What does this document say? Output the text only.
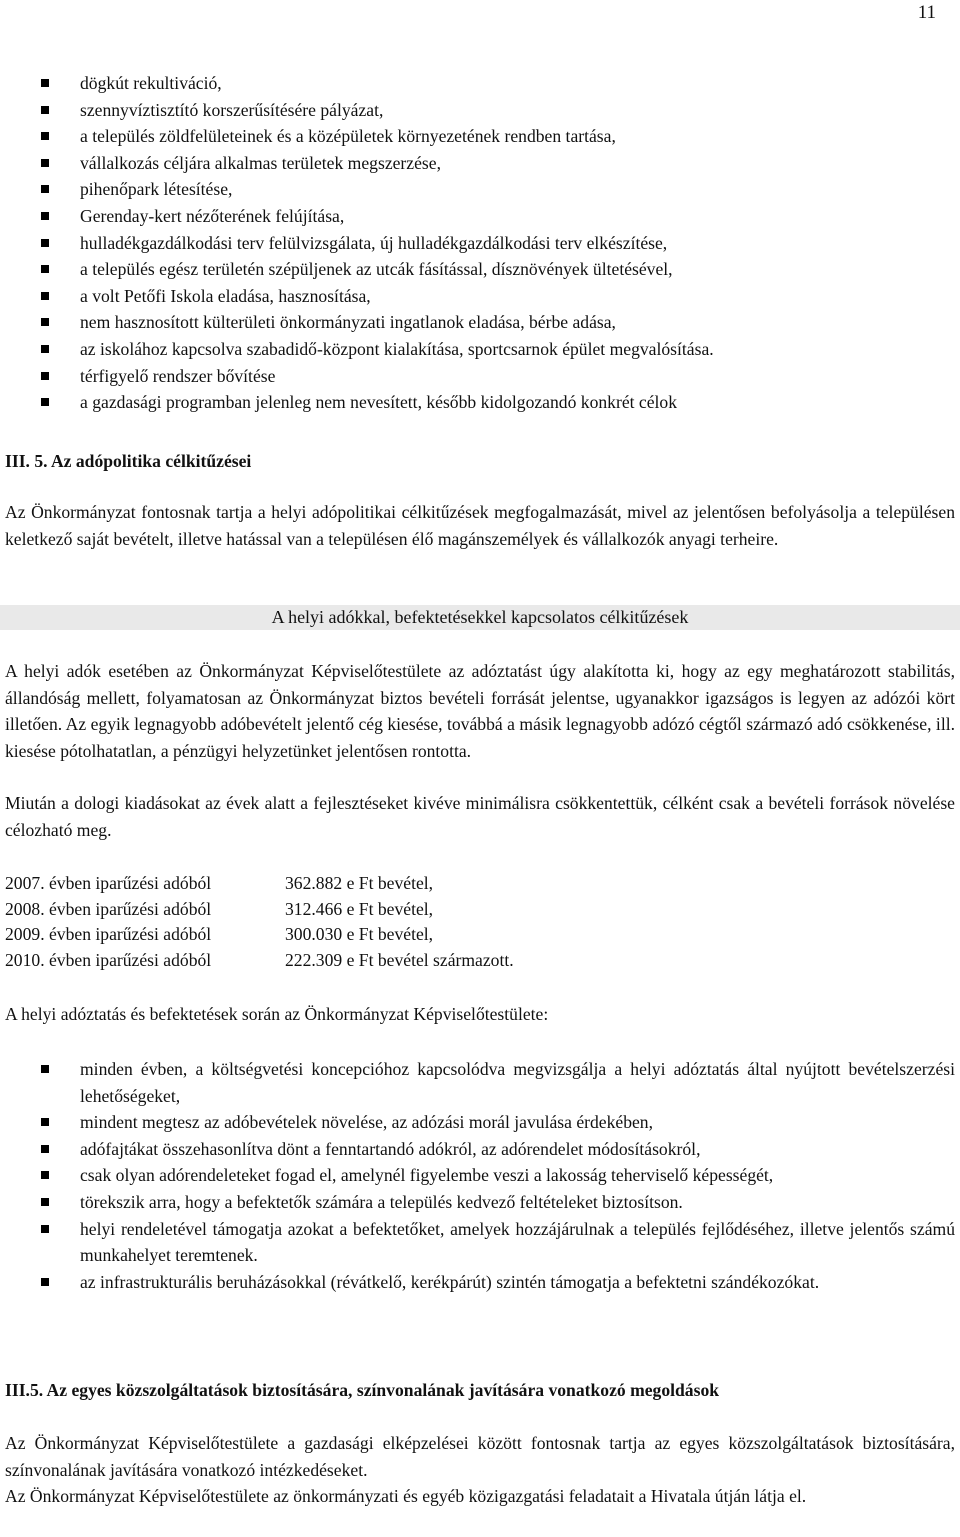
11
dögkút rekultiváció,
szennyvíztisztító korszerűsítésére pályázat,
a település zöldfelületeinek és a középületek környezetének rendben tartása,
vállalkozás céljára alkalmas területek megszerzése,
pihenőpark létesítése,
Gerenday-kert nézőterének felújítása,
hulladékgazdálkodási terv felülvizsgálata, új hulladékgazdálkodási terv elkészítése,
a település egész területén szépüljenek az utcák fásítással, dísznövények ültetésével,
a volt Petőfi Iskola eladása, hasznosítása,
nem hasznosított külterületi önkormányzati ingatlanok eladása, bérbe adása,
az iskolához kapcsolva szabadidő-központ kialakítása, sportcsarnok épület megvalósítása.
térfigyelő rendszer bővítése
a gazdasági programban jelenleg nem nevesített, később kidolgozandó konkrét célok
III. 5. Az adópolitika célkitűzései

Az Önkormányzat fontosnak tartja a helyi adópolitikai célkitűzések megfogalmazását, mivel az jelentősen befolyásolja a településen keletkező saját bevételt, illetve hatással van a településen élő magánszemélyek és vállalkozók anyagi terheire.

A helyi adókkal, befektetésekkel kapcsolatos célkitűzések

A helyi adók esetében az Önkormányzat Képviselőtestülete az adóztatást úgy alakította ki, hogy az egy meghatározott stabilitás, állandóság mellett, folyamatosan az Önkormányzat biztos bevételi forrását jelentse, ugyanakkor igazságos is legyen az adózói kört illetően. Az egyik legnagyobb adóbevételt jelentő cég kiesése, továbbá a másik legnagyobb adózó cégtől származó adó csökkenése, ill. kiesése pótolhatatlan, a pénzügyi helyzetünket jelentősen rontotta.

Miután a dologi kiadásokat az évek alatt a fejlesztéseket kivéve minimálisra csökkentettük, célként csak a bevételi források növelése célozható meg.

2007. évben iparűzési adóból	362.882 e Ft bevétel,
2008. évben iparűzési adóból	312.466 e Ft bevétel,
2009. évben iparűzési adóból	300.030 e Ft bevétel,
2010. évben iparűzési adóból	222.309 e Ft bevétel származott.
A helyi adóztatás és befektetések során az Önkormányzat Képviselőtestülete:
minden évben, a költségvetési koncepcióhoz kapcsolódva megvizsgálja a helyi adóztatás által nyújtott bevételszerzési lehetőségeket,
mindent megtesz az adóbevételek növelése, az adózási morál javulása érdekében,
adófajtákat összehasonlítva dönt a fenntartandó adókról, az adórendelet módosításokról,
csak olyan adórendeleteket fogad el, amelynél figyelembe veszi a lakosság teherviselő képességét,
törekszik arra, hogy a befektetők számára a település kedvező feltételeket biztosítson.
helyi rendeletével támogatja azokat a befektetőket, amelyek hozzájárulnak a település fejlődéséhez, illetve jelentős számú munkahelyet teremtenek.
az infrastrukturális beruházásokkal (révátkelő, kerékpárút) szintén támogatja a befektetni szándékozókat.
III.5. Az egyes közszolgáltatások biztosítására, színvonalának javítására vonatkozó megoldások

Az Önkormányzat Képviselőtestülete a gazdasági elképzelései között fontosnak tartja az egyes közszolgáltatások biztosítására, színvonalának javítására vonatkozó intézkedéseket.

Az Önkormányzat Képviselőtestülete az önkormányzati és egyéb közigazgatási feladatait a Hivatala útján látja el.
